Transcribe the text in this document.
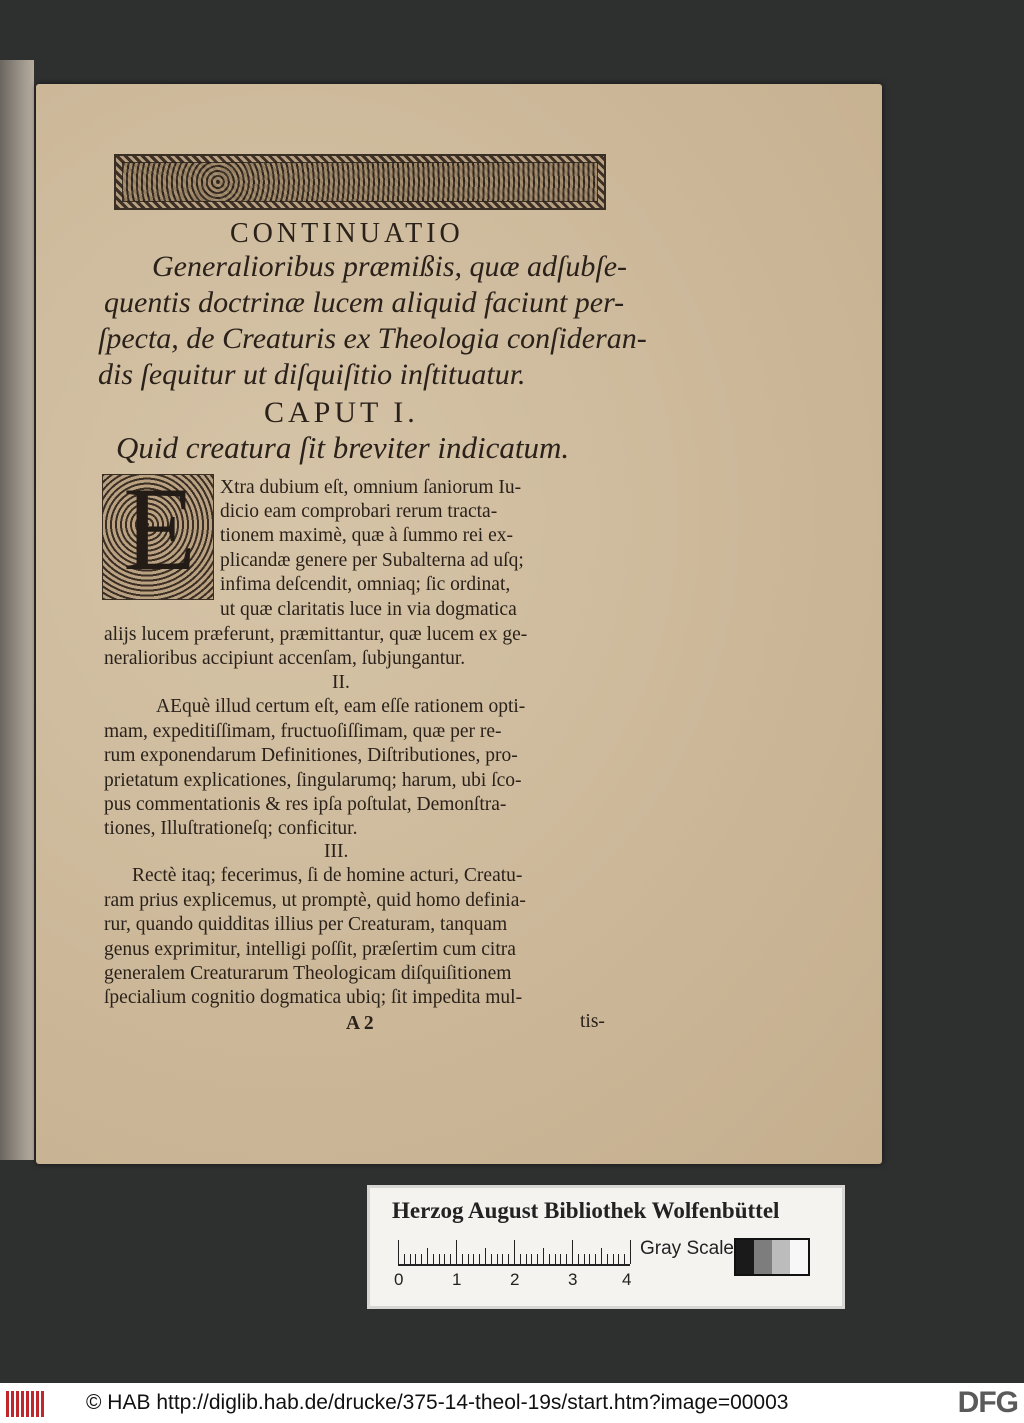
CONTINUATIO
Generalioribus præmißis, quæ adſubſe-
quentis doctrinæ lucem aliquid faciunt per-
ſpecta, de Creaturis ex Theologia conſideran-
dis ſequitur ut diſquiſitio inſtituatur.
CAPUT I.
Quid creatura ſit breviter indicatum.
E Xtra dubium eſt, omnium ſaniorum Iu-
dicio eam comprobari rerum tracta-
tionem maximè, quæ à ſummo rei ex-
plicandæ genere per Subalterna ad uſq;
infima deſcendit, omniaq; ſic ordinat,
ut quæ claritatis luce in via dogmatica
alijs lucem præferunt, præmittantur, quæ lucem ex ge-
neralioribus accipiunt accenſam, ſubjungantur.
II.
AEquè illud certum eſt, eam eſſe rationem opti-
mam, expeditiſſimam, fructuoſiſſimam, quæ per re-
rum exponendarum Definitiones, Diſtributiones, pro-
prietatum explicationes, ſingularumq; harum, ubi ſco-
pus commentationis & res ipſa poſtulat, Demonſtra-
tiones, Illuſtrationeſq; conficitur.
III.
Rectè itaq; fecerimus, ſi de homine acturi, Creatu-
ram prius explicemus, ut promptè, quid homo definia-
rur, quando quidditas illius per Creaturam, tanquam
genus exprimitur, intelligi poſſit, præſertim cum citra
generalem Creaturarum Theologicam diſquiſitionem
ſpecialium cognitio dogmatica ubiq; ſit impedita mul-
A 2	tis-
Herzog August Bibliothek Wolfenbüttel
0	1	2	3	4
Gray Scale
© HAB http://diglib.hab.de/drucke/375-14-theol-19s/start.htm?image=00003	DFG
